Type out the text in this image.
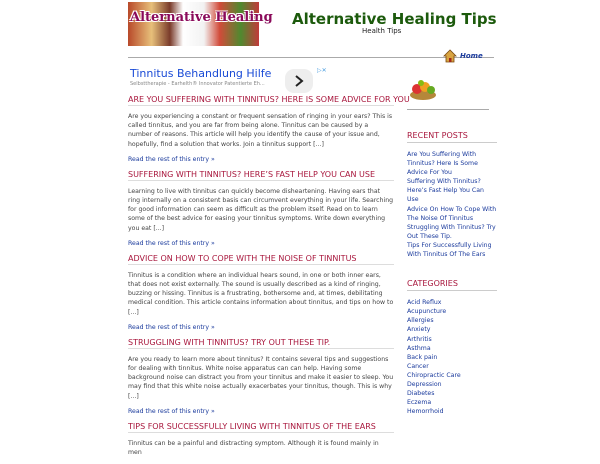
Alternative Healing Alternative Healing Tips
Health Tips
Home
Tinnitus Behandlung Hilfe
Selbsttherapie - Earhelth® Innovator Patentierte Eh...
▷✕
ARE YOU SUFFERING WITH TINNITUS? HERE IS SOME ADVICE FOR YOU

Are you experiencing a constant or frequent sensation of ringing in your ears? This is called tinnitus, and you are far from being alone. Tinnitus can be caused by a number of reasons. This article will help you identify the cause of your issue and, hopefully, find a solution that works. Join a tinnitus support [...]

Read the rest of this entry »
SUFFERING WITH TINNITUS? HERE’S FAST HELP YOU CAN USE

Learning to live with tinnitus can quickly become disheartening. Having ears that ring internally on a consistent basis can circumvent everything in your life. Searching for good information can seem as difficult as the problem itself. Read on to learn some of the best advice for easing your tinnitus symptoms. Write down everything you eat [...]

Read the rest of this entry »
ADVICE ON HOW TO COPE WITH THE NOISE OF TINNITUS

Tinnitus is a condition where an individual hears sound, in one or both inner ears, that does not exist externally. The sound is usually described as a kind of ringing, buzzing or hissing. Tinnitus is a frustrating, bothersome and, at times, debilitating medical condition. This article contains information about tinnitus, and tips on how to [...]

Read the rest of this entry »
STRUGGLING WITH TINNITUS? TRY OUT THESE TIP.

Are you ready to learn more about tinnitus? It contains several tips and suggestions for dealing with tinnitus. White noise apparatus can can help. Having some background noise can distract you from your tinnitus and make it easier to sleep. You may find that this white noise actually exacerbates your tinnitus, though. This is why [...]

Read the rest of this entry »
TIPS FOR SUCCESSFULLY LIVING WITH TINNITUS OF THE EARS

Tinnitus can be a painful and distracting symptom. Although it is found mainly in men

RECENT POSTS
Are You Suffering With Tinnitus? Here Is Some Advice For You
Suffering With Tinnitus? Here’s Fast Help You Can Use
Advice On How To Cope With The Noise Of Tinnitus
Struggling With Tinnitus? Try Out These Tip.
Tips For Successfully Living With Tinnitus Of The Ears
CATEGORIES
Acid Reflux
Acupuncture
Allergies
Anxiety
Arthritis
Asthma
Back pain
Cancer
Chiropractic Care
Depression
Diabetes
Eczema
Hemorrhoid
